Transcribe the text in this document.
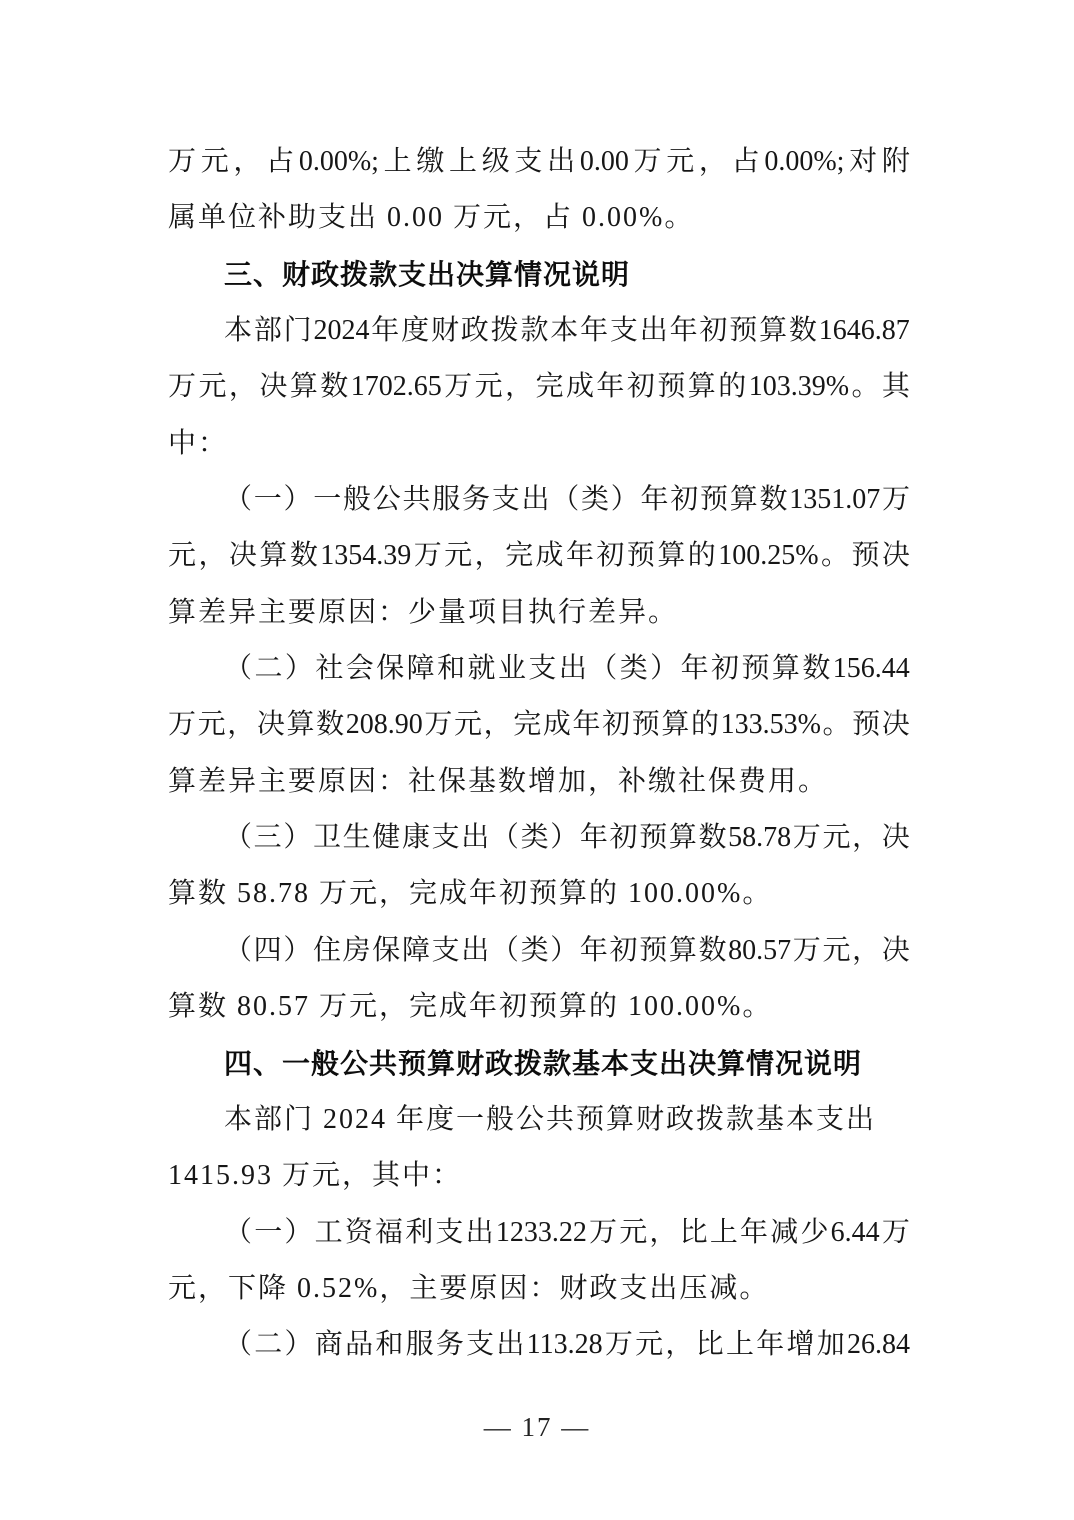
万 元 ， 占 0.00%; 上 缴 上 级 支 出 0.00 万 元 ， 占 0.00%; 对 附
属单位补助支出 0.00 万元，占 0.00%。
三、财政拨款支出决算情况说明
本 部 门 2024 年 度 财 政 拨 款 本 年 支 出 年 初 预 算 数 1646.87
万 元 ， 决 算 数 1702.65 万 元 ， 完 成 年 初 预 算 的 103.39% 。 其
中：
（ 一 ） 一 般 公 共 服 务 支 出 （ 类 ） 年 初 预 算 数 1351.07 万
元 ， 决 算 数 1354.39 万 元 ， 完 成 年 初 预 算 的 100.25% 。 预 决
算差异主要原因：少量项目执行差异。
（ 二 ） 社 会 保 障 和 就 业 支 出 （ 类 ） 年 初 预 算 数 156.44
万 元 ， 决 算 数 208.90 万 元 ， 完 成 年 初 预 算 的 133.53% 。 预 决
算差异主要原因：社保基数增加，补缴社保费用。
（ 三 ） 卫 生 健 康 支 出 （ 类 ） 年 初 预 算 数 58.78 万 元 ， 决
算数 58.78 万元，完成年初预算的 100.00%。
（ 四 ） 住 房 保 障 支 出 （ 类 ） 年 初 预 算 数 80.57 万 元 ， 决
算数 80.57 万元，完成年初预算的 100.00%。
四、一般公共预算财政拨款基本支出决算情况说明
本部门 2024 年度一般公共预算财政拨款基本支出
1415.93 万元，其中：
（ 一 ） 工 资 福 利 支 出 1233.22 万 元 ， 比 上 年 减 少 6.44 万
元，下降 0.52%，主要原因：财政支出压减。
（ 二 ） 商 品 和 服 务 支 出 113.28 万 元 ， 比 上 年 增 加 26.84
— 17 —
